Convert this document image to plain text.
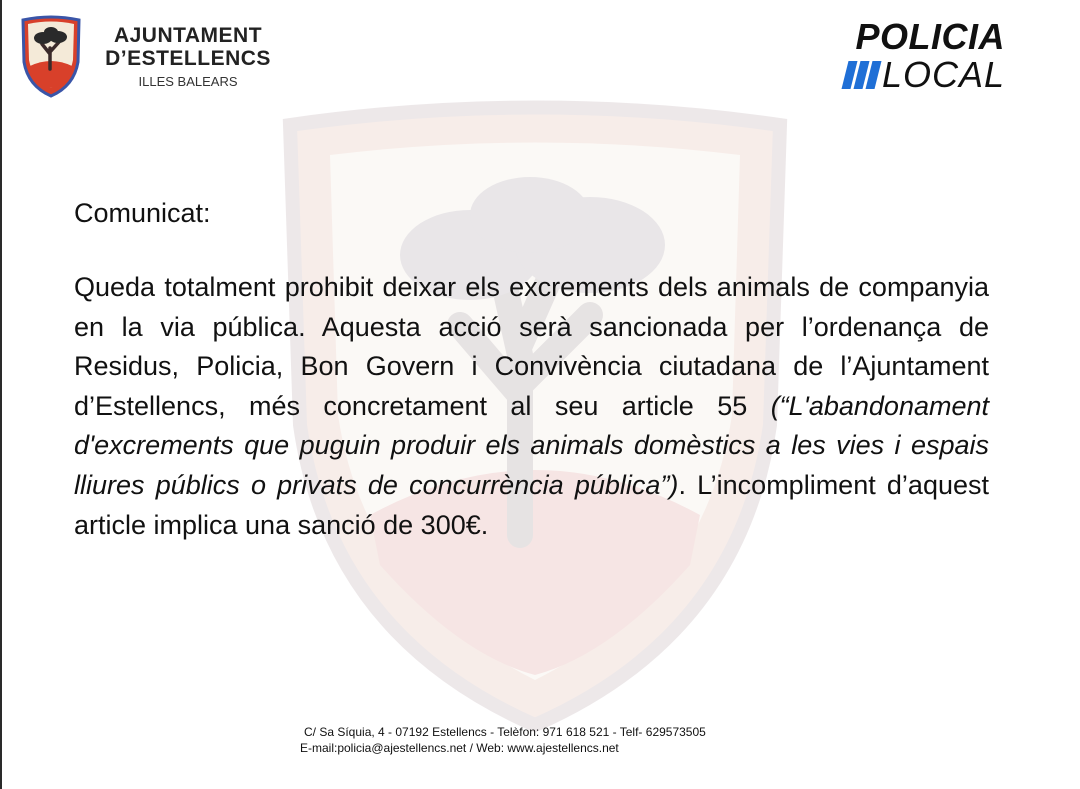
AJUNTAMENT
D’ESTELLENCS
ILLES BALEARS
POLICIA
LOCAL
Comunicat:
Queda totalment prohibit deixar els excrements dels animals de companyia en la via pública. Aquesta acció serà sancionada per l’ordenança de Residus, Policia, Bon Govern i Convivència ciutadana de l’Ajuntament d’Estellencs, més concretament al seu article 55 (“L'abandonament d'excrements que puguin produir els animals domèstics a les vies i espais lliures públics o privats de concurrència pública”). L’incompliment d’aquest article implica una sanció de 300€.
C/ Sa Síquia, 4 - 07192 Estellencs - Telèfon: 971 618 521 - Telf- 629573505
E-mail:policia@ajestellencs.net / Web: www.ajestellencs.net
